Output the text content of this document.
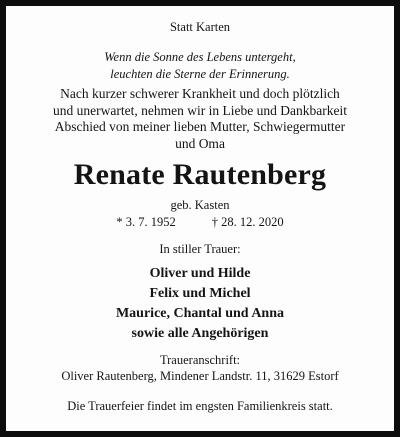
Statt Karten
Wenn die Sonne des Lebens untergeht,
leuchten die Sterne der Erinnerung.
Nach kurzer schwerer Krankheit und doch plötzlich
und unerwartet, nehmen wir in Liebe und Dankbarkeit
Abschied von meiner lieben Mutter, Schwiegermutter
und Oma
Renate Rautenberg
geb. Kasten
* 3. 7. 1952	† 28. 12. 2020
In stiller Trauer:
Oliver und Hilde
Felix und Michel
Maurice, Chantal und Anna
sowie alle Angehörigen
Traueranschrift:
Oliver Rautenberg, Mindener Landstr. 11, 31629 Estorf
Die Trauerfeier findet im engsten Familienkreis statt.
